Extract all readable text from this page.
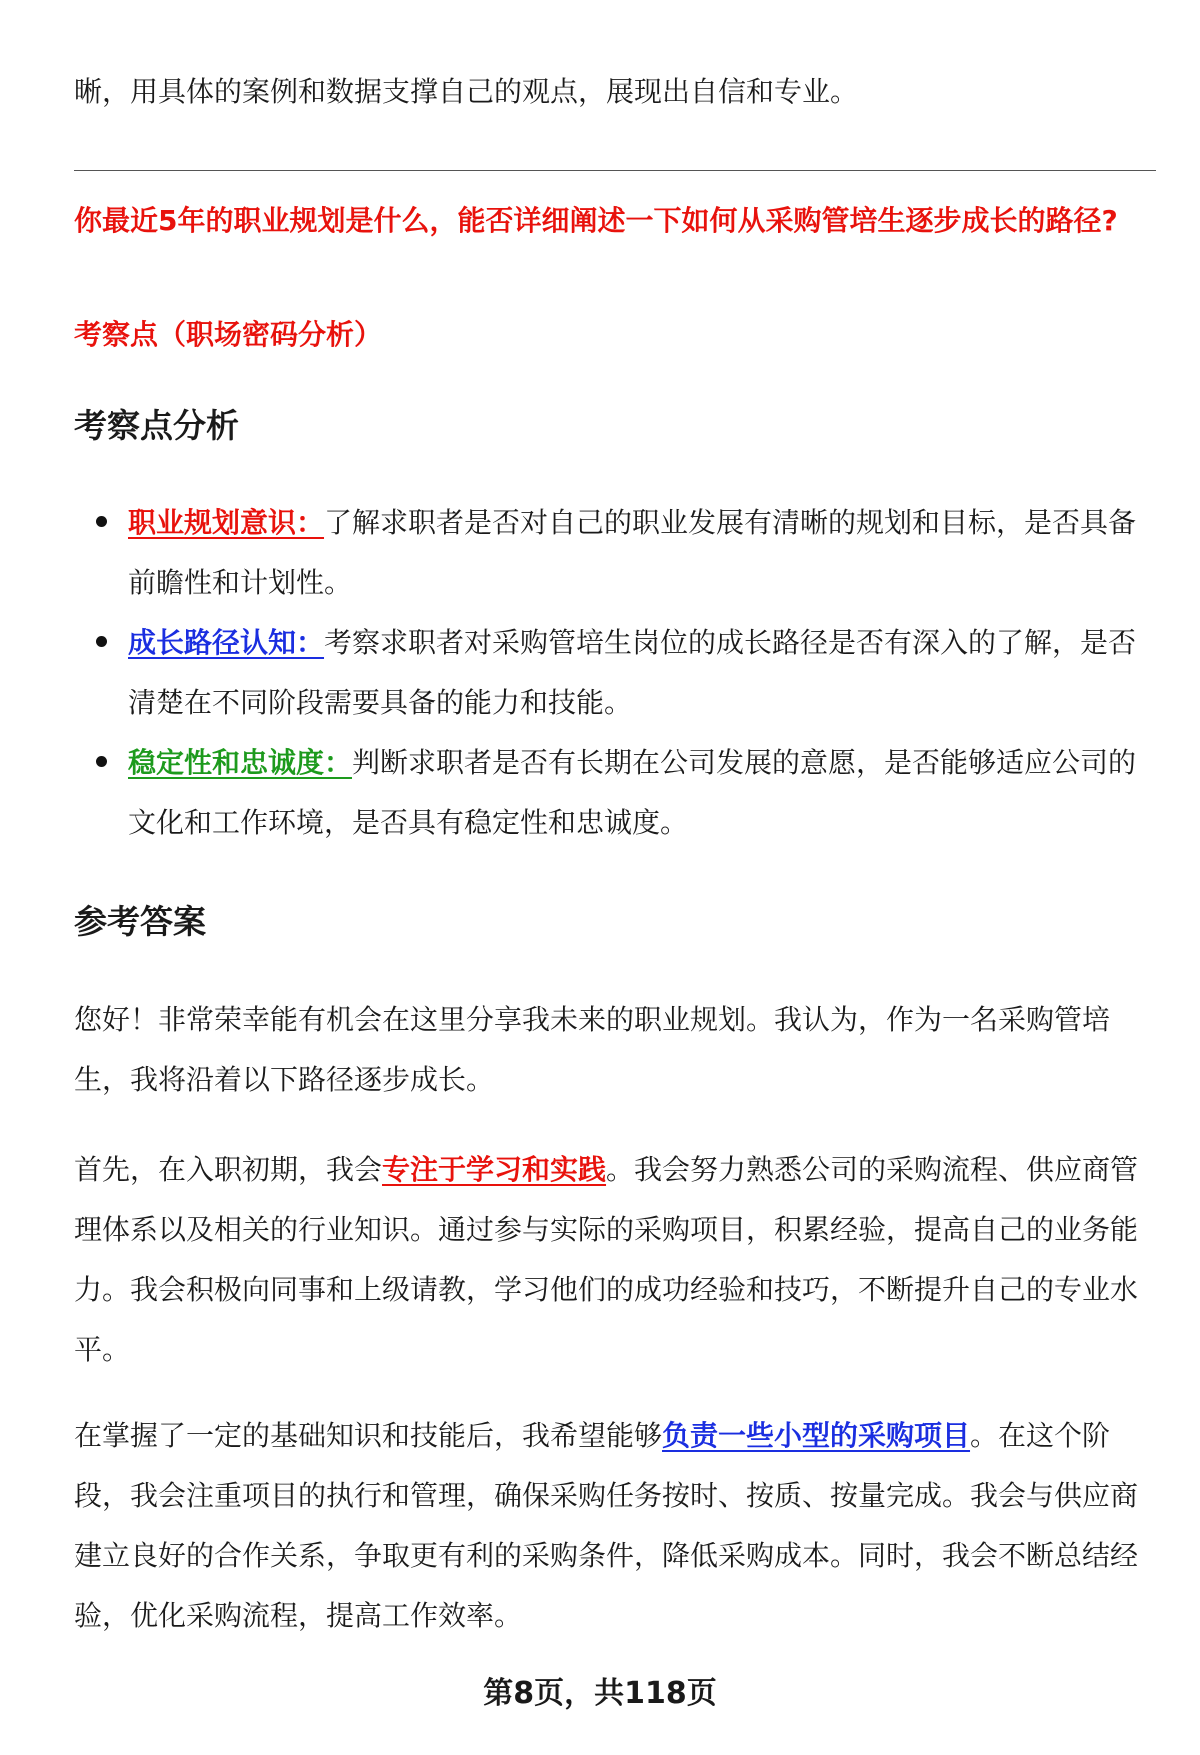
晰，用具体的案例和数据支撑自己的观点，展现出自信和专业。

你最近5年的职业规划是什么，能否详细阐述一下如何从采购管培生逐步成长的路径?

考察点（职场密码分析）

考察点分析
职业规划意识：了解求职者是否对自己的职业发展有清晰的规划和目标，是否具备前瞻性和计划性。
成长路径认知：考察求职者对采购管培生岗位的成长路径是否有深入的了解，是否清楚在不同阶段需要具备的能力和技能。
稳定性和忠诚度：判断求职者是否有长期在公司发展的意愿，是否能够适应公司的文化和工作环境，是否具有稳定性和忠诚度。
参考答案

您好！非常荣幸能有机会在这里分享我未来的职业规划。我认为，作为一名采购管培生，我将沿着以下路径逐步成长。

首先，在入职初期，我会专注于学习和实践。我会努力熟悉公司的采购流程、供应商管理体系以及相关的行业知识。通过参与实际的采购项目，积累经验，提高自己的业务能力。我会积极向同事和上级请教，学习他们的成功经验和技巧，不断提升自己的专业水平。

在掌握了一定的基础知识和技能后，我希望能够负责一些小型的采购项目。在这个阶段，我会注重项目的执行和管理，确保采购任务按时、按质、按量完成。我会与供应商建立良好的合作关系，争取更有利的采购条件，降低采购成本。同时，我会不断总结经验，优化采购流程，提高工作效率。

第8页，共118页
